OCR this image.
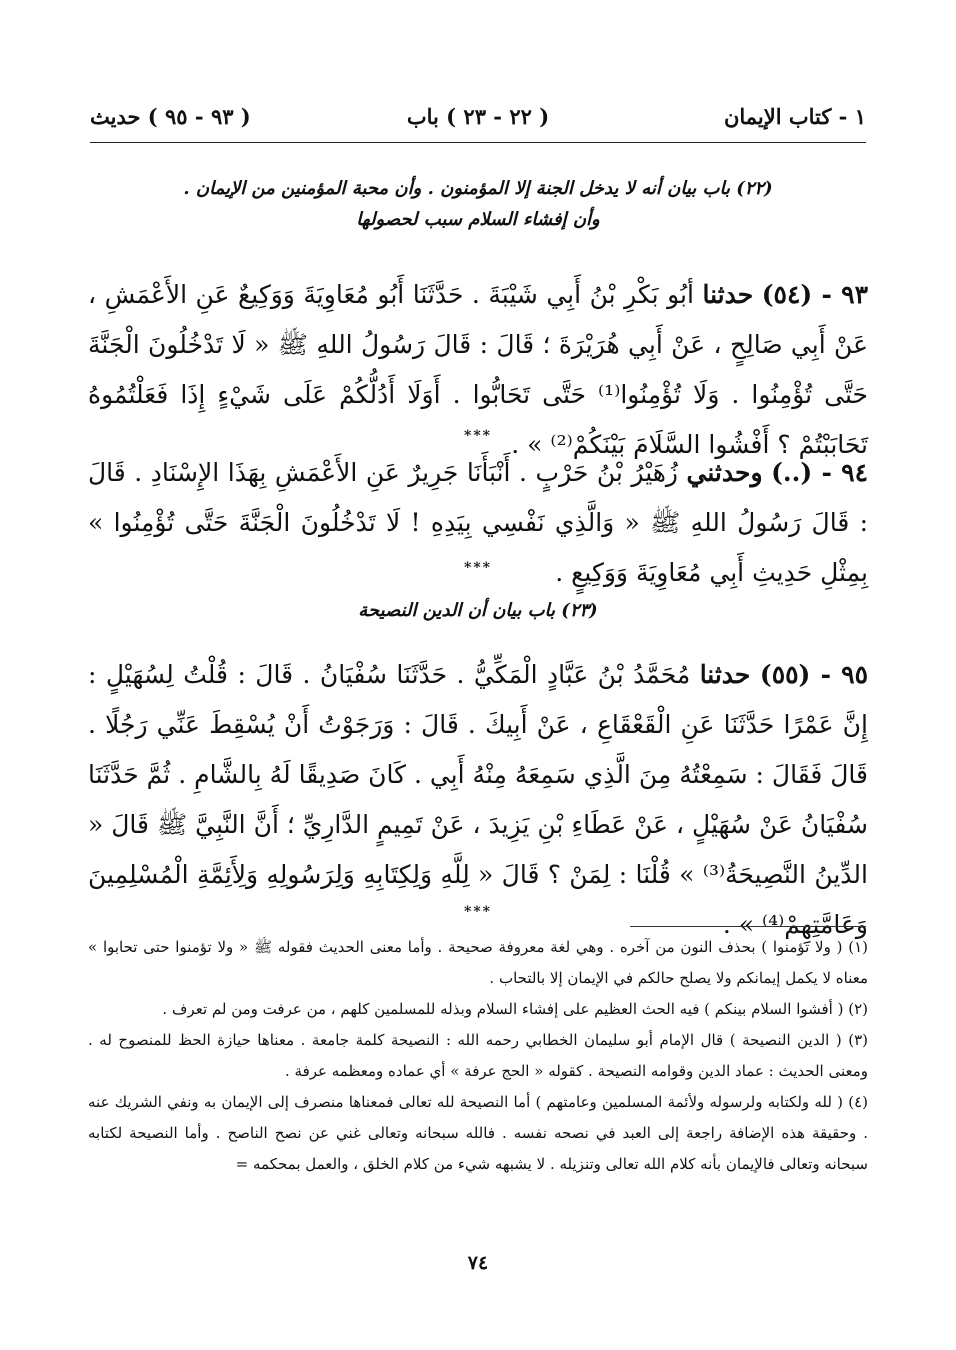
١ - كتاب الإيمان
( ٢٢ - ٢٣ ) باب
( ٩٣ - ٩٥ ) حديث
(٢٢) باب بيان أنه لا يدخل الجنة إلا المؤمنون . وأن محبة المؤمنين من الإيمان .
وأن إفشاء السلام سبب لحصولها
٩٣ - (٥٤) حدثنا أبُو بَكْرِ بْنُ أَبِي شَيْبَةَ . حَدَّثَنَا أَبُو مُعَاوِيَةَ وَوَكِيعٌ عَنِ الأَعْمَشِ ، عَنْ أَبِي صَالِحٍ ، عَنْ أَبِي هُرَيْرَةَ ؛ قَالَ : قَالَ رَسُولُ اللهِ ﷺ « لَا تَدْخُلُونَ الْجَنَّةَ حَتَّى تُؤْمِنُوا . وَلَا تُؤْمِنُوا⁽¹⁾ حَتَّى تَحَابُّوا . أَوَلَا أَدُلُّكُمْ عَلَى شَيْءٍ إِذَا فَعَلْتُمُوهُ تَحَابَبْتُمْ ؟ أَفْشُوا السَّلَامَ بَيْنَكُمْ⁽²⁾ » .
***
٩٤ - (..) وحدثني زُهَيْرُ بْنُ حَرْبٍ . أَنْبَأَنَا جَرِيرٌ عَنِ الأَعْمَشِ بِهَذَا الإِسْنَادِ . قَالَ : قَالَ رَسُولُ اللهِ ﷺ « وَالَّذِي نَفْسِي بِيَدِهِ ! لَا تَدْخُلُونَ الْجَنَّةَ حَتَّى تُؤْمِنُوا » بِمِثْلِ حَدِيثِ أَبِي مُعَاوِيَةَ وَوَكِيعٍ .
***
(٢٣) باب بيان أن الدين النصيحة
٩٥ - (٥٥) حدثنا مُحَمَّدُ بْنُ عَبَّادٍ الْمَكِّيُّ . حَدَّثَنَا سُفْيَانُ . قَالَ : قُلْتُ لِسُهَيْلٍ : إِنَّ عَمْرًا حَدَّثَنَا عَنِ الْقَعْقَاعِ ، عَنْ أَبِيكَ . قَالَ : وَرَجَوْتُ أَنْ يُسْقِطَ عَنِّي رَجُلًا . قَالَ فَقَالَ : سَمِعْتُهُ مِنَ الَّذِي سَمِعَهُ مِنْهُ أَبِي . كَانَ صَدِيقًا لَهُ بِالشَّامِ . ثُمَّ حَدَّثَنَا سُفْيَانُ عَنْ سُهَيْلٍ ، عَنْ عَطَاءِ بْنِ يَزِيدَ ، عَنْ تَمِيمٍ الدَّارِيِّ ؛ أَنَّ النَّبِيَّ ﷺ قَالَ « الدِّينُ النَّصِيحَةُ⁽³⁾ » قُلْنَا : لِمَنْ ؟ قَالَ « لِلَّهِ وَلِكِتَابِهِ وَلِرَسُولِهِ وَلِأَئِمَّةِ الْمُسْلِمِينَ وَعَامَّتِهِمْ⁽⁴⁾ » .
***

(١) ( ولا تؤمنوا ) بحذف النون من آخره . وهي لغة معروفة صحيحة . وأما معنى الحديث فقوله ﷺ « ولا تؤمنوا حتى تحابوا » معناه لا يكمل إيمانكم ولا يصلح حالكم في الإيمان إلا بالتحاب .

(٢) ( أفشوا السلام بينكم ) فيه الحث العظيم على إفشاء السلام وبذله للمسلمين كلهم ، من عرفت ومن لم تعرف .

(٣) ( الدين النصيحة ) قال الإمام أبو سليمان الخطابي رحمه الله : النصيحة كلمة جامعة . معناها حيازة الحظ للمنصوح له . ومعنى الحديث : عماد الدين وقوامه النصيحة . كقوله « الحج عرفة » أي عماده ومعظمه عرفة .

(٤) ( لله ولكتابه ولرسوله ولأئمة المسلمين وعامتهم ) أما النصيحة لله تعالى فمعناها منصرف إلى الإيمان به ونفي الشريك عنه . وحقيقة هذه الإضافة راجعة إلى العبد في نصحه نفسه . فالله سبحانه وتعالى غني عن نصح الناصح . وأما النصيحة لكتابه سبحانه وتعالى فالإيمان بأنه كلام الله تعالى وتنزيله . لا يشبهه شيء من كلام الخلق ، والعمل بمحكمه =

٧٤
